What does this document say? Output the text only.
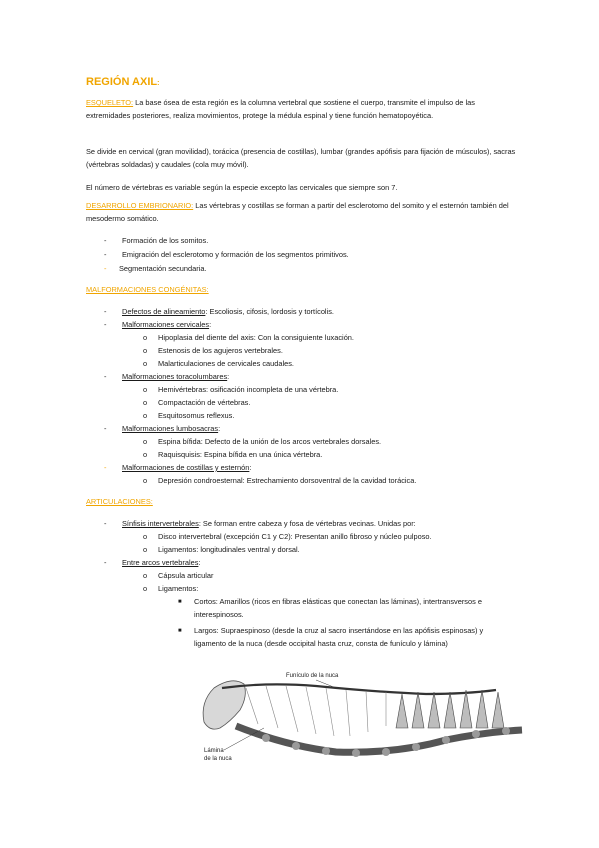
REGIÓN AXIL:

ESQUELETO: La base ósea de esta región es la columna vertebral que sostiene el cuerpo, transmite el impulso de las extremidades posteriores, realiza movimientos, protege la médula espinal y tiene función hematopoyética.

Se divide en cervical (gran movilidad), torácica (presencia de costillas), lumbar (grandes apófisis para fijación de músculos), sacras (vértebras soldadas) y caudales (cola muy móvil).

El número de vértebras es variable según la especie excepto las cervicales que siempre son 7.

DESARROLLO EMBRIONARIO: Las vértebras y costillas se forman a partir del esclerotomo del somito y el esternón también del mesodermo somático.

- Formación de los somitos.
- Emigración del esclerotomo y formación de los segmentos primitivos.
- Segmentación secundaria.
MALFORMACIONES CONGÉNITAS:
- Defectos de alineamiento: Escoliosis, cifosis, lordosis y tortícolis.
- Malformaciones cervicales:
o Hipoplasia del diente del axis: Con la consiguiente luxación.
o Estenosis de los agujeros vertebrales.
o Malarticulaciones de cervicales caudales.
- Malformaciones toracolumbares:
o Hemivértebras: osificación incompleta de una vértebra.
o Compactación de vértebras.
o Esquitosomus reflexus.
- Malformaciones lumbosacras:
o Espina bífida: Defecto de la unión de los arcos vertebrales dorsales.
o Raquisquisis: Espina bífida en una única vértebra.
- Malformaciones de costillas y esternón:
o Depresión condroesternal: Estrechamiento dorsoventral de la cavidad torácica.
ARTICULACIONES:
- Sínfisis intervertebrales: Se forman entre cabeza y fosa de vértebras vecinas. Unidas por:
o Disco intervertebral (excepción C1 y C2): Presentan anillo fibroso y núcleo pulposo.
o Ligamentos: longitudinales ventral y dorsal.
- Entre arcos vertebrales:
o Cápsula articular
o Ligamentos:
■ Cortos: Amarillos (ricos en fibras elásticas que conectan las láminas), intertransversos e interespinosos.
■ Largos: Supraespinoso (desde la cruz al sacro insertándose en las apófisis espinosas) y ligamento de la nuca (desde occipital hasta cruz, consta de funículo y lámina)
Funículo de la nuca
Lámina
de la nuca
